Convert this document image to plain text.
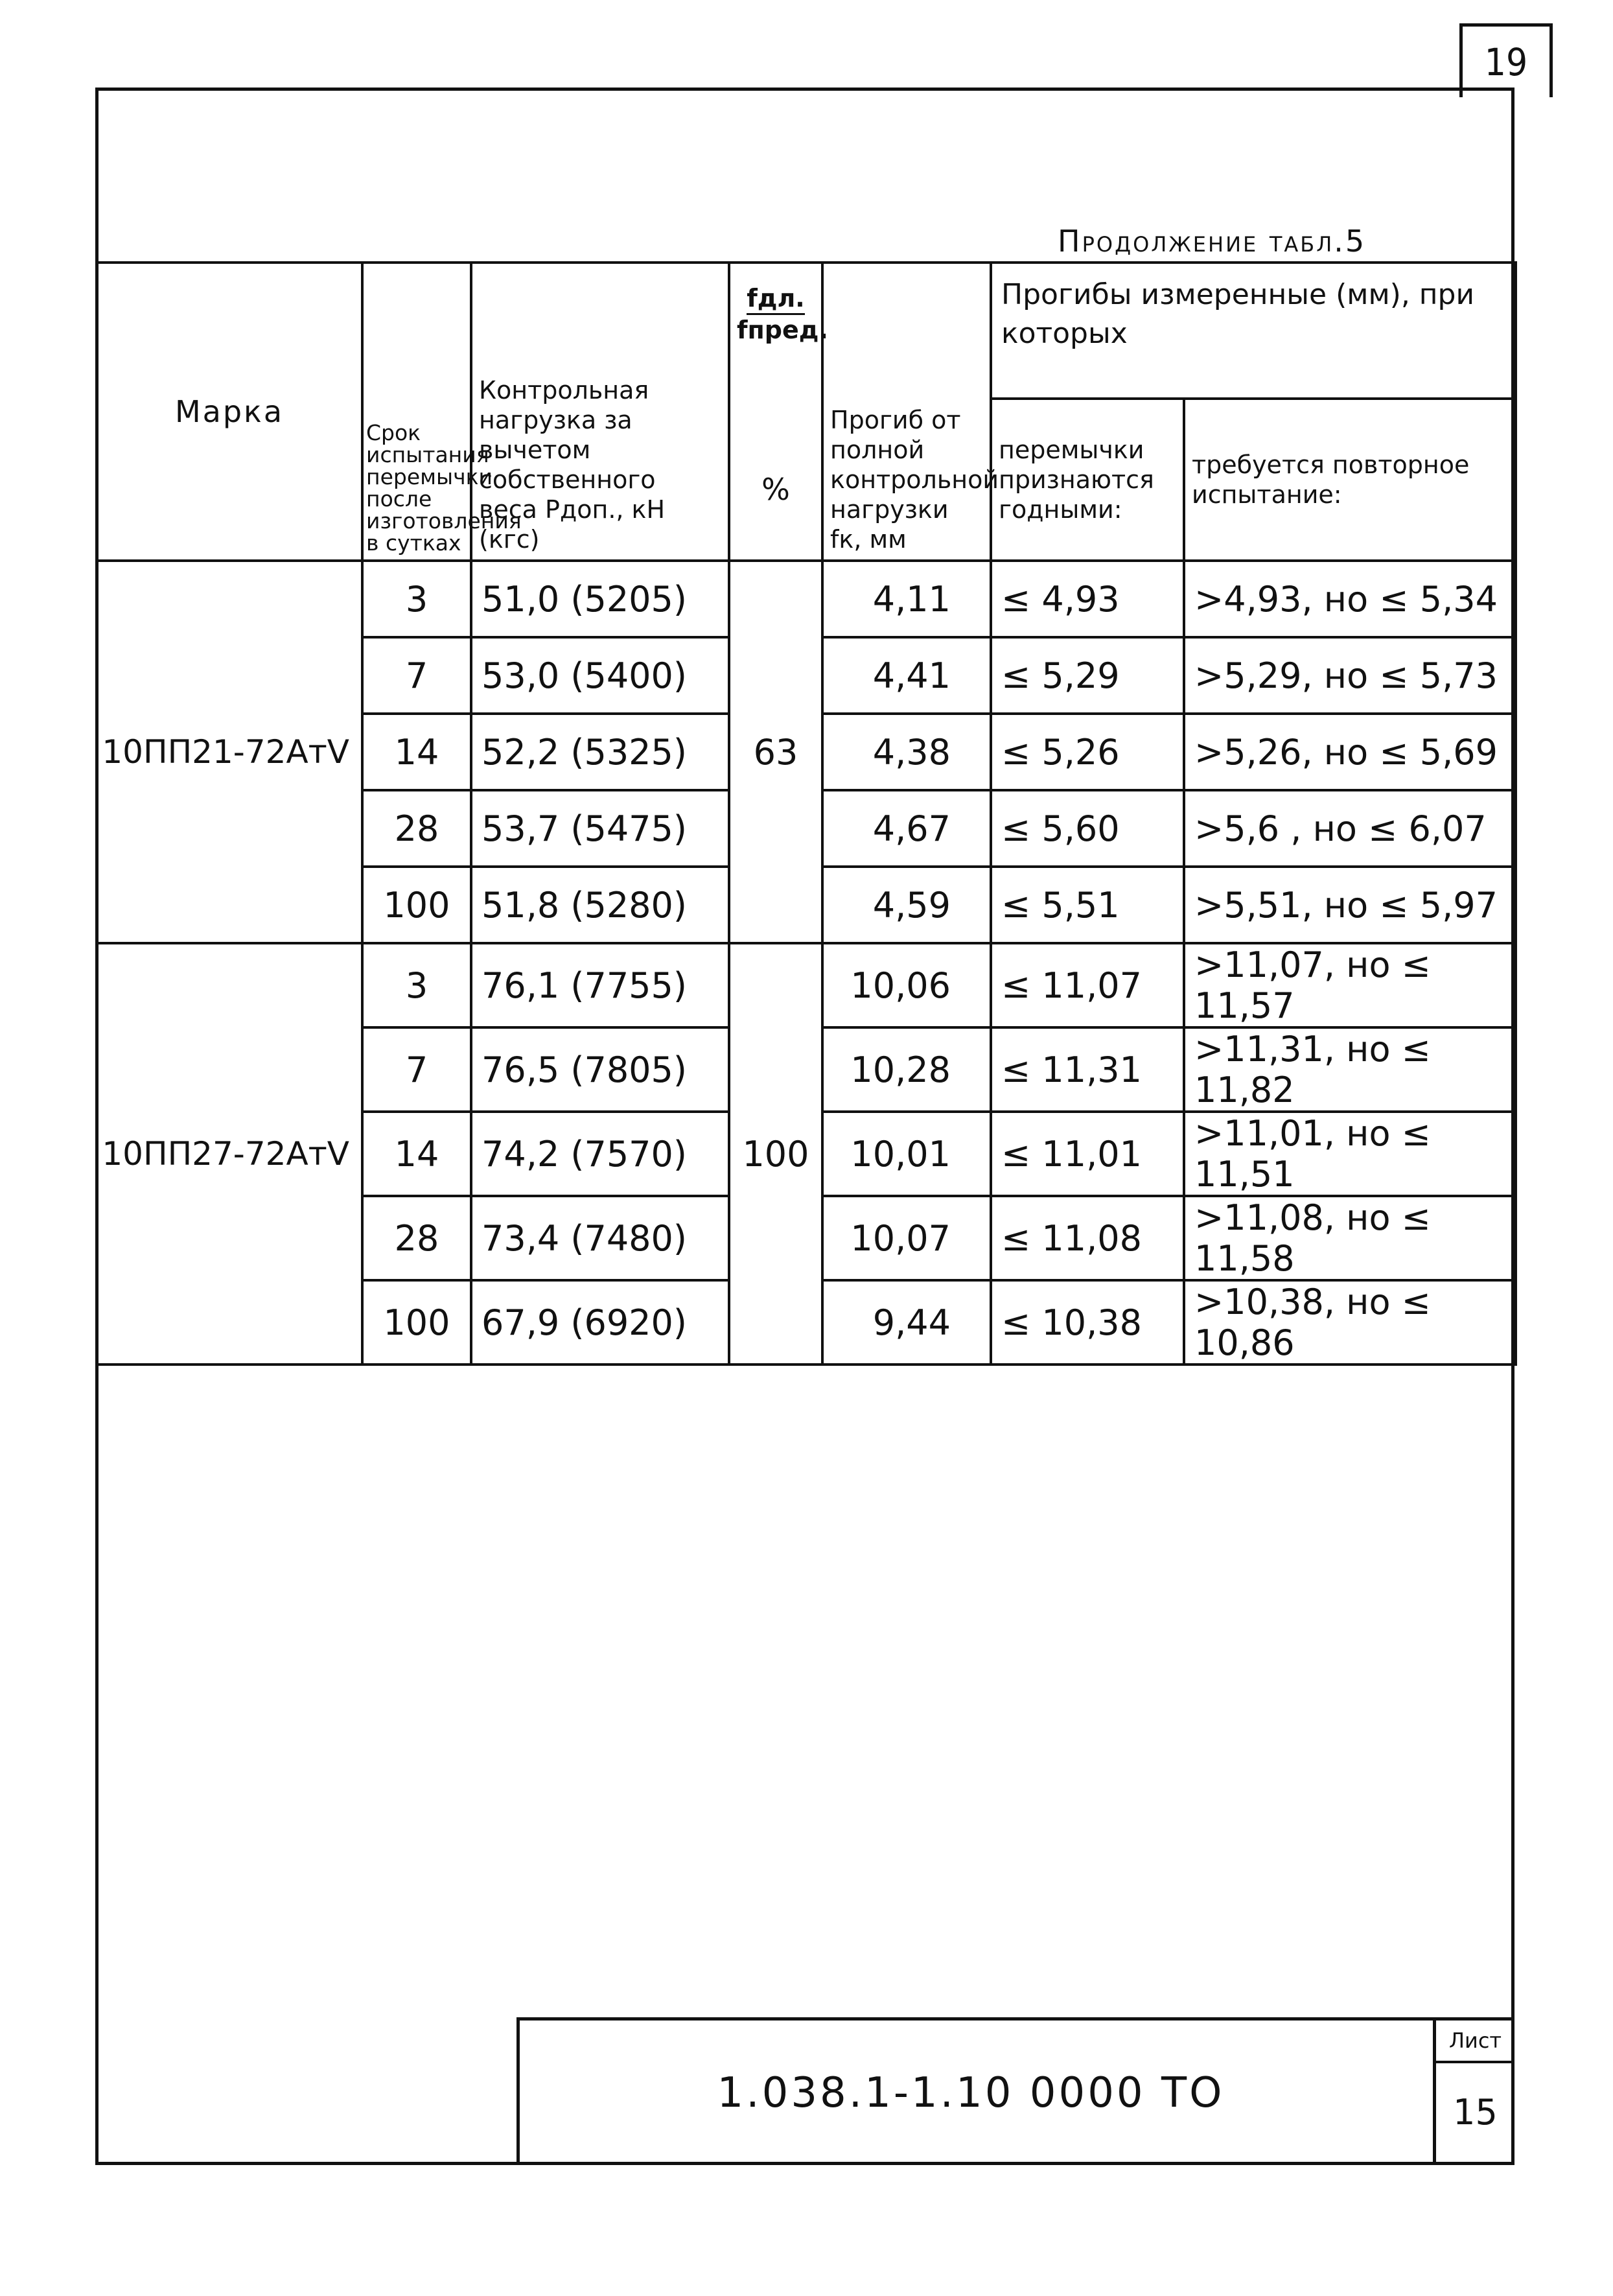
19
Продолжение табл.5
Марка	Срок испытания перемычки после изготовления в сутках	Контрольная нагрузка за вычетом собственного веса Рдоп., кН (кгс)	fдл.
fпред.
%	Прогиб от полной контрольной нагрузки fк, мм	Прогибы измеренные (мм), при которых	
					перемычки признаются годными:	требуется повторное испытание:
10ПП21-72АтⅤ	3	51,0 (5205)	63	4,11	≤ 4,93	>4,93, но ≤ 5,34
	7	53,0 (5400)		4,41	≤ 5,29	>5,29, но ≤ 5,73
	14	52,2 (5325)		4,38	≤ 5,26	>5,26, но ≤ 5,69
	28	53,7 (5475)		4,67	≤ 5,60	>5,6 , но ≤ 6,07
	100	51,8 (5280)		4,59	≤ 5,51	>5,51, но ≤ 5,97
10ПП27-72АтⅤ	3	76,1 (7755)	100	10,06	≤ 11,07	>11,07, но ≤ 11,57
	7	76,5 (7805)		10,28	≤ 11,31	>11,31, но ≤ 11,82
	14	74,2 (7570)		10,01	≤ 11,01	>11,01, но ≤ 11,51
	28	73,4 (7480)		10,07	≤ 11,08	>11,08, но ≤ 11,58
	100	67,9 (6920)		9,44	≤ 10,38	>10,38, но ≤ 10,86
1.038.1-1.10 0000 ТО
Лист
15
